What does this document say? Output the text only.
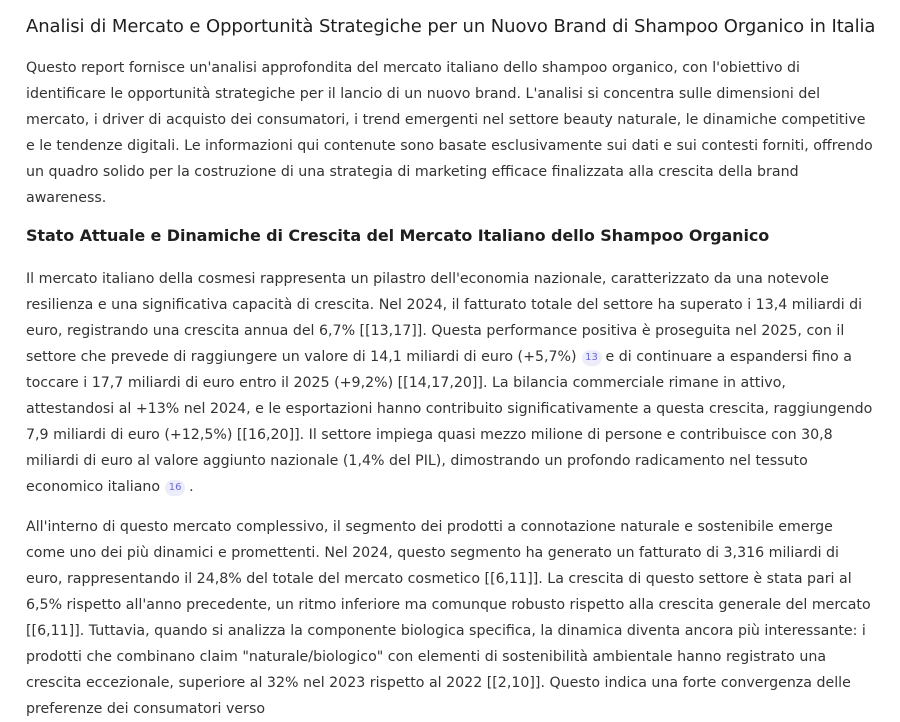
Analisi di Mercato e Opportunità Strategiche per un Nuovo Brand di Shampoo Organico in Italia

Questo report fornisce un'analisi approfondita del mercato italiano dello shampoo organico, con l'obiettivo di identificare le opportunità strategiche per il lancio di un nuovo brand. L'analisi si concentra sulle dimensioni del mercato, i driver di acquisto dei consumatori, i trend emergenti nel settore beauty naturale, le dinamiche competitive e le tendenze digitali. Le informazioni qui contenute sono basate esclusivamente sui dati e sui contesti forniti, offrendo un quadro solido per la costruzione di una strategia di marketing efficace finalizzata alla crescita della brand awareness.

Stato Attuale e Dinamiche di Crescita del Mercato Italiano dello Shampoo Organico

Il mercato italiano della cosmesi rappresenta un pilastro dell'economia nazionale, caratterizzato da una notevole resilienza e una significativa capacità di crescita. Nel 2024, il fatturato totale del settore ha superato i 13,4 miliardi di euro, registrando una crescita annua del 6,7% [[13,17]]. Questa performance positiva è proseguita nel 2025, con il settore che prevede di raggiungere un valore di 14,1 miliardi di euro (+5,7%) 13 e di continuare a espandersi fino a toccare i 17,7 miliardi di euro entro il 2025 (+9,2%) [[14,17,20]]. La bilancia commerciale rimane in attivo, attestandosi al +13% nel 2024, e le esportazioni hanno contribuito significativamente a questa crescita, raggiungendo 7,9 miliardi di euro (+12,5%) [[16,20]]. Il settore impiega quasi mezzo milione di persone e contribuisce con 30,8 miliardi di euro al valore aggiunto nazionale (1,4% del PIL), dimostrando un profondo radicamento nel tessuto economico italiano 16 .

All'interno di questo mercato complessivo, il segmento dei prodotti a connotazione naturale e sostenibile emerge come uno dei più dinamici e promettenti. Nel 2024, questo segmento ha generato un fatturato di 3,316 miliardi di euro, rappresentando il 24,8% del totale del mercato cosmetico [[6,11]]. La crescita di questo settore è stata pari al 6,5% rispetto all'anno precedente, un ritmo inferiore ma comunque robusto rispetto alla crescita generale del mercato [[6,11]]. Tuttavia, quando si analizza la componente biologica specifica, la dinamica diventa ancora più interessante: i prodotti che combinano claim "naturale/biologico" con elementi di sostenibilità ambientale hanno registrato una crescita eccezionale, superiore al 32% nel 2023 rispetto al 2022 [[2,10]]. Questo indica una forte convergenza delle preferenze dei consumatori verso
